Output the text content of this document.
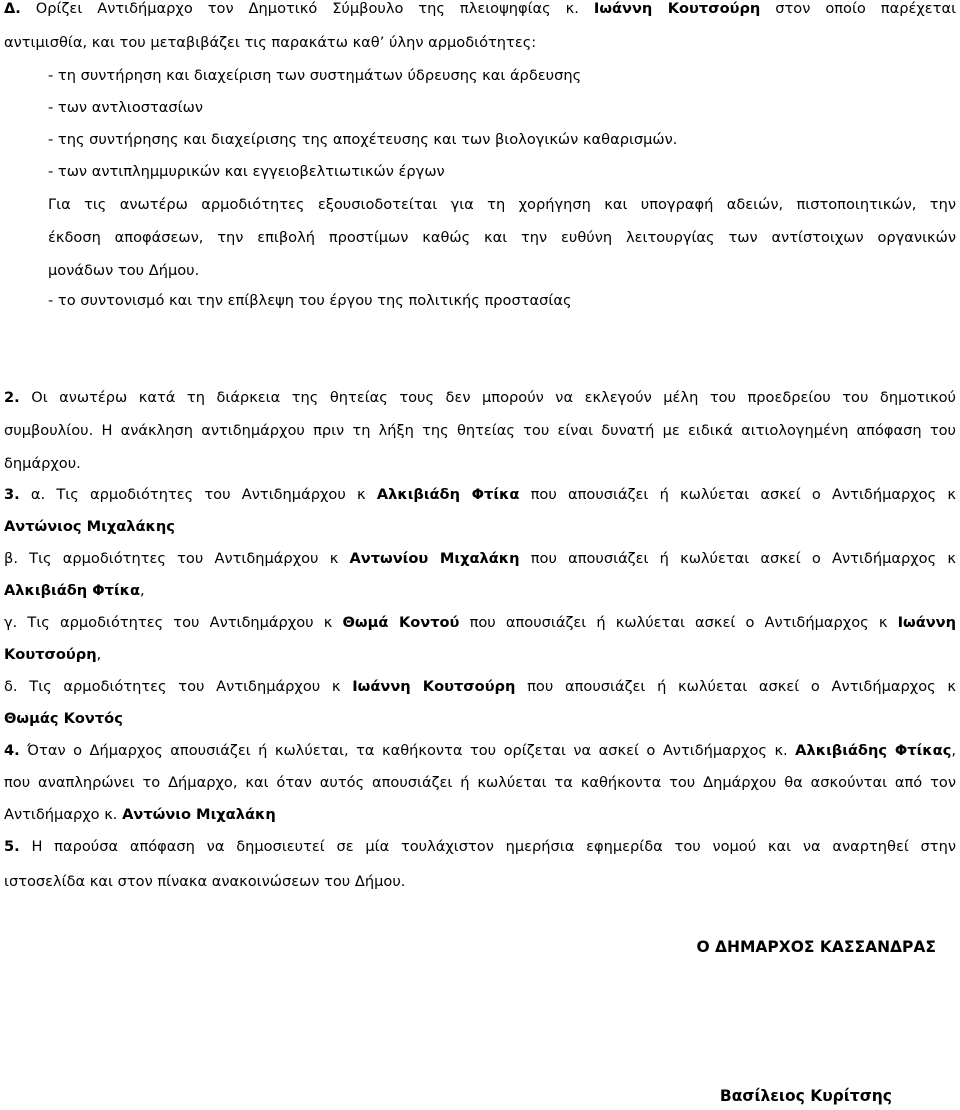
Δ. Ορίζει Αντιδήμαρχο τον Δημοτικό Σύμβουλο της πλειοψηφίας κ. Ιωάννη Κουτσούρη στον οποίο παρέχεται
αντιμισθία, και του μεταβιβάζει τις παρακάτω καθ’ ύλην αρμοδιότητες:
- τη συντήρηση και διαχείριση των συστημάτων ύδρευσης και άρδευσης
- των αντλιοστασίων
- της συντήρησης και διαχείρισης της αποχέτευσης και των βιολογικών καθαρισμών.
- των αντιπλημμυρικών και εγγειοβελτιωτικών έργων
Για τις ανωτέρω αρμοδιότητες εξουσιοδοτείται για τη χορήγηση και υπογραφή αδειών, πιστοποιητικών, την
έκδοση αποφάσεων, την επιβολή προστίμων καθώς και την ευθύνη λειτουργίας των αντίστοιχων οργανικών
μονάδων του Δήμου.
- το συντονισμό και την επίβλεψη του έργου της πολιτικής προστασίας
2. Οι ανωτέρω κατά τη διάρκεια της θητείας τους δεν μπορούν να εκλεγούν μέλη του προεδρείου του δημοτικού
συμβουλίου. Η ανάκληση αντιδημάρχου πριν τη λήξη της θητείας του είναι δυνατή με ειδικά αιτιολογημένη απόφαση του
δημάρχου.
3. α. Τις αρμοδιότητες του Αντιδημάρχου κ Αλκιβιάδη Φτίκα που απουσιάζει ή κωλύεται ασκεί ο Αντιδήμαρχος κ
Αντώνιος Μιχαλάκης
β. Τις αρμοδιότητες του Αντιδημάρχου κ Αντωνίου Μιχαλάκη που απουσιάζει ή κωλύεται ασκεί ο Αντιδήμαρχος κ
Αλκιβιάδη Φτίκα,
γ. Τις αρμοδιότητες του Αντιδημάρχου κ Θωμά Κοντού που απουσιάζει ή κωλύεται ασκεί ο Αντιδήμαρχος κ Ιωάννη
Κουτσούρη,
δ. Τις αρμοδιότητες του Αντιδημάρχου κ Ιωάννη Κουτσούρη που απουσιάζει ή κωλύεται ασκεί ο Αντιδήμαρχος κ
Θωμάς Κοντός
4. Όταν ο Δήμαρχος απουσιάζει ή κωλύεται, τα καθήκοντα του ορίζεται να ασκεί ο Αντιδήμαρχος κ. Αλκιβιάδης Φτίκας,
που αναπληρώνει το Δήμαρχο, και όταν αυτός απουσιάζει ή κωλύεται τα καθήκοντα του Δημάρχου θα ασκούνται από τον
Αντιδήμαρχο κ. Αντώνιο Μιχαλάκη
5. Η παρούσα απόφαση να δημοσιευτεί σε μία τουλάχιστον ημερήσια εφημερίδα του νομού και να αναρτηθεί στην
ιστοσελίδα και στον πίνακα ανακοινώσεων του Δήμου.
Ο ΔΗΜΑΡΧΟΣ ΚΑΣΣΑΝΔΡΑΣ
Βασίλειος Κυρίτσης
